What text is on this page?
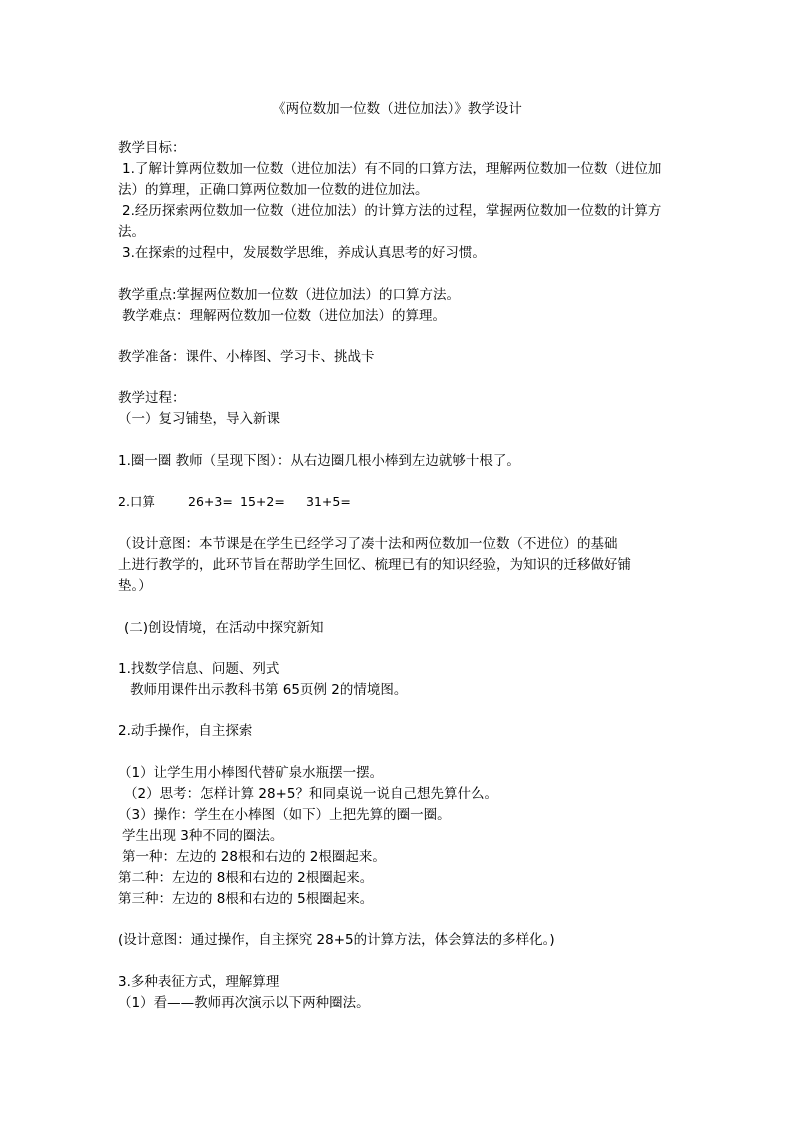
《两位数加一位数（进位加法）》教学设计
教学目标：
1.了解计算两位数加一位数（进位加法）有不同的口算方法，理解两位数加一位数（进位加
法）的算理，正确口算两位数加一位数的进位加法。
2.经历探索两位数加一位数（进位加法）的计算方法的过程，掌握两位数加一位数的计算方
法。
3.在探索的过程中，发展数学思维，养成认真思考的好习惯。
教学重点:掌握两位数加一位数（进位加法）的口算方法。
教学难点：理解两位数加一位数（进位加法）的算理。
教学准备：课件、小棒图、学习卡、挑战卡
教学过程：
（一）复习铺垫，导入新课
1.圈一圈 教师（呈现下图）：从右边圈几根小棒到左边就够十根了。
2.口算	26+3= 15+2= 31+5=
（设计意图：本节课是在学生已经学习了凑十法和两位数加一位数（不进位）的基础
上进行教学的，此环节旨在帮助学生回忆、梳理已有的知识经验，为知识的迁移做好铺
垫。）
(二)创设情境，在活动中探究新知
1.找数学信息、问题、列式
教师用课件出示教科书第 65页例 2的情境图。
2.动手操作，自主探索
（1）让学生用小棒图代替矿泉水瓶摆一摆。
（2）思考：怎样计算 28+5？和同桌说一说自己想先算什么。
（3）操作：学生在小棒图（如下）上把先算的圈一圈。
学生出现 3种不同的圈法。
第一种：左边的 28根和右边的 2根圈起来。
第二种：左边的 8根和右边的 2根圈起来。
第三种：左边的 8根和右边的 5根圈起来。
(设计意图：通过操作，自主探究 28+5的计算方法，体会算法的多样化。)
3.多种表征方式，理解算理
（1）看——教师再次演示以下两种圈法。
